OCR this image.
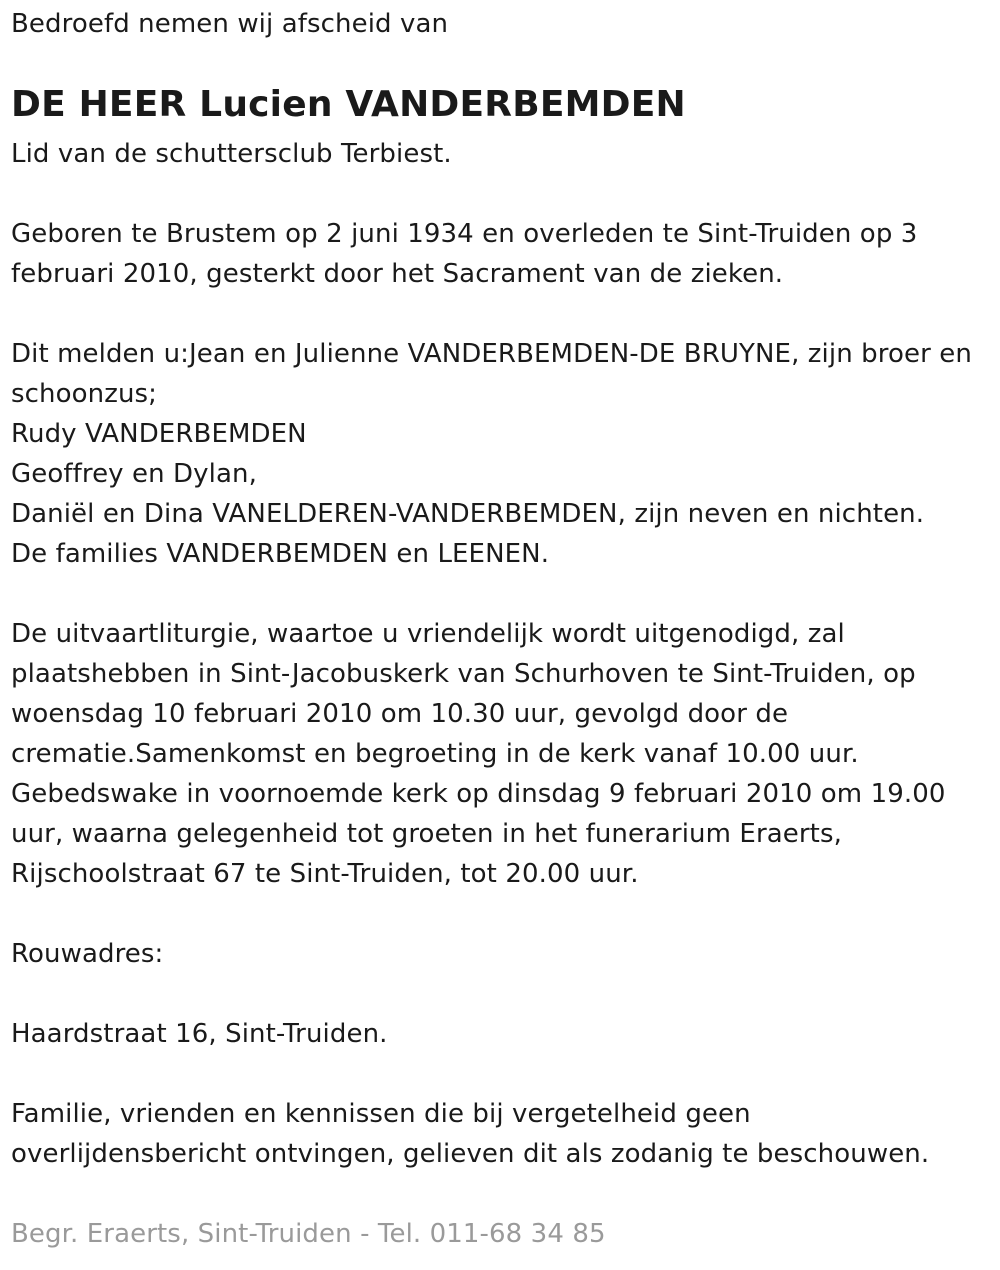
Bedroefd nemen wij afscheid van
DE HEER Lucien VANDERBEMDEN
Lid van de schuttersclub Terbiest.
Geboren te Brustem op 2 juni 1934 en overleden te Sint-Truiden op 3
februari 2010, gesterkt door het Sacrament van de zieken.
Dit melden u:Jean en Julienne VANDERBEMDEN-DE BRUYNE, zijn broer en
schoonzus;
Rudy VANDERBEMDEN
Geoffrey en Dylan,
Daniël en Dina VANELDEREN-VANDERBEMDEN, zijn neven en nichten.
De families VANDERBEMDEN en LEENEN.
De uitvaartliturgie, waartoe u vriendelijk wordt uitgenodigd, zal
plaatshebben in Sint-Jacobuskerk van Schurhoven te Sint-Truiden, op
woensdag 10 februari 2010 om 10.30 uur, gevolgd door de
crematie.Samenkomst en begroeting in de kerk vanaf 10.00 uur.
Gebedswake in voornoemde kerk op dinsdag 9 februari 2010 om 19.00
uur, waarna gelegenheid tot groeten in het funerarium Eraerts,
Rijschoolstraat 67 te Sint-Truiden, tot 20.00 uur.
Rouwadres:
Haardstraat 16, Sint-Truiden.
Familie, vrienden en kennissen die bij vergetelheid geen
overlijdensbericht ontvingen, gelieven dit als zodanig te beschouwen.
Begr. Eraerts, Sint-Truiden - Tel. 011-68 34 85
